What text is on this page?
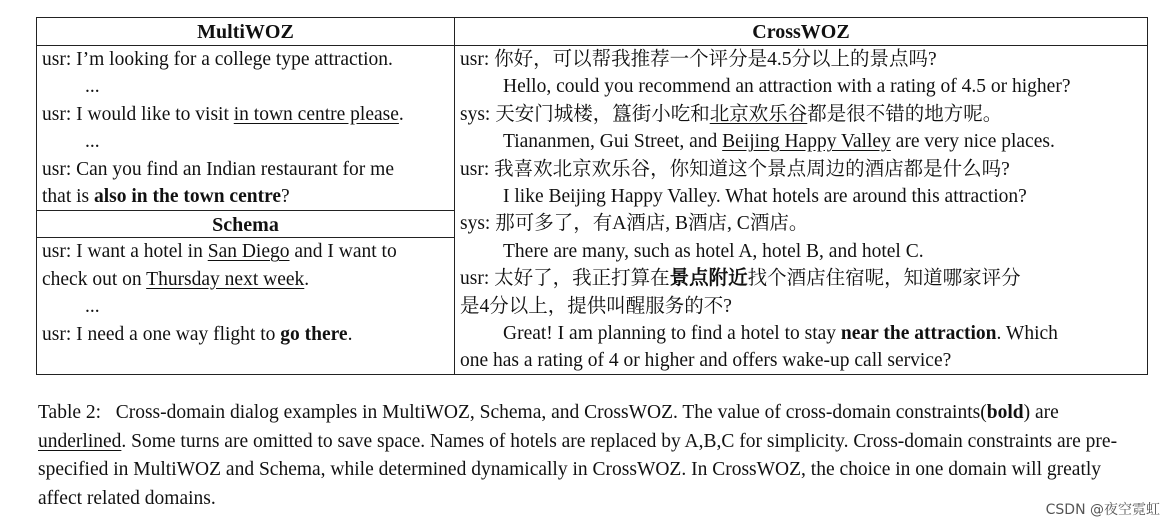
MultiWOZ
usr: I’m looking for a college type attraction.
...
usr: I would like to visit in town centre please.
...
usr: Can you find an Indian restaurant for me
that is also in the town centre?
Schema
usr: I want a hotel in San Diego and I want to
check out on Thursday next week.
...
usr: I need a one way flight to go there.
CrossWOZ
usr: 你好，可以帮我推荐一个评分是4.5分以上的景点吗?
Hello, could you recommend an attraction with a rating of 4.5 or higher?
sys: 天安门城楼，簋街小吃和北京欢乐谷都是很不错的地方呢。
Tiananmen, Gui Street, and Beijing Happy Valley are very nice places.
usr: 我喜欢北京欢乐谷，你知道这个景点周边的酒店都是什么吗?
I like Beijing Happy Valley. What hotels are around this attraction?
sys: 那可多了，有A酒店, B酒店, C酒店。
There are many, such as hotel A, hotel B, and hotel C.
usr: 太好了，我正打算在景点附近找个酒店住宿呢，知道哪家评分
是4分以上，提供叫醒服务的不?
Great! I am planning to find a hotel to stay near the attraction. Which
one has a rating of 4 or higher and offers wake-up call service?
Table 2: Cross-domain dialog examples in MultiWOZ, Schema, and CrossWOZ. The value of cross-domain constraints(bold) are underlined. Some turns are omitted to save space. Names of hotels are replaced by A,B,C for simplicity. Cross-domain constraints are pre-specified in MultiWOZ and Schema, while determined dynamically in CrossWOZ. In CrossWOZ, the choice in one domain will greatly affect related domains.
CSDN @夜空霓虹
